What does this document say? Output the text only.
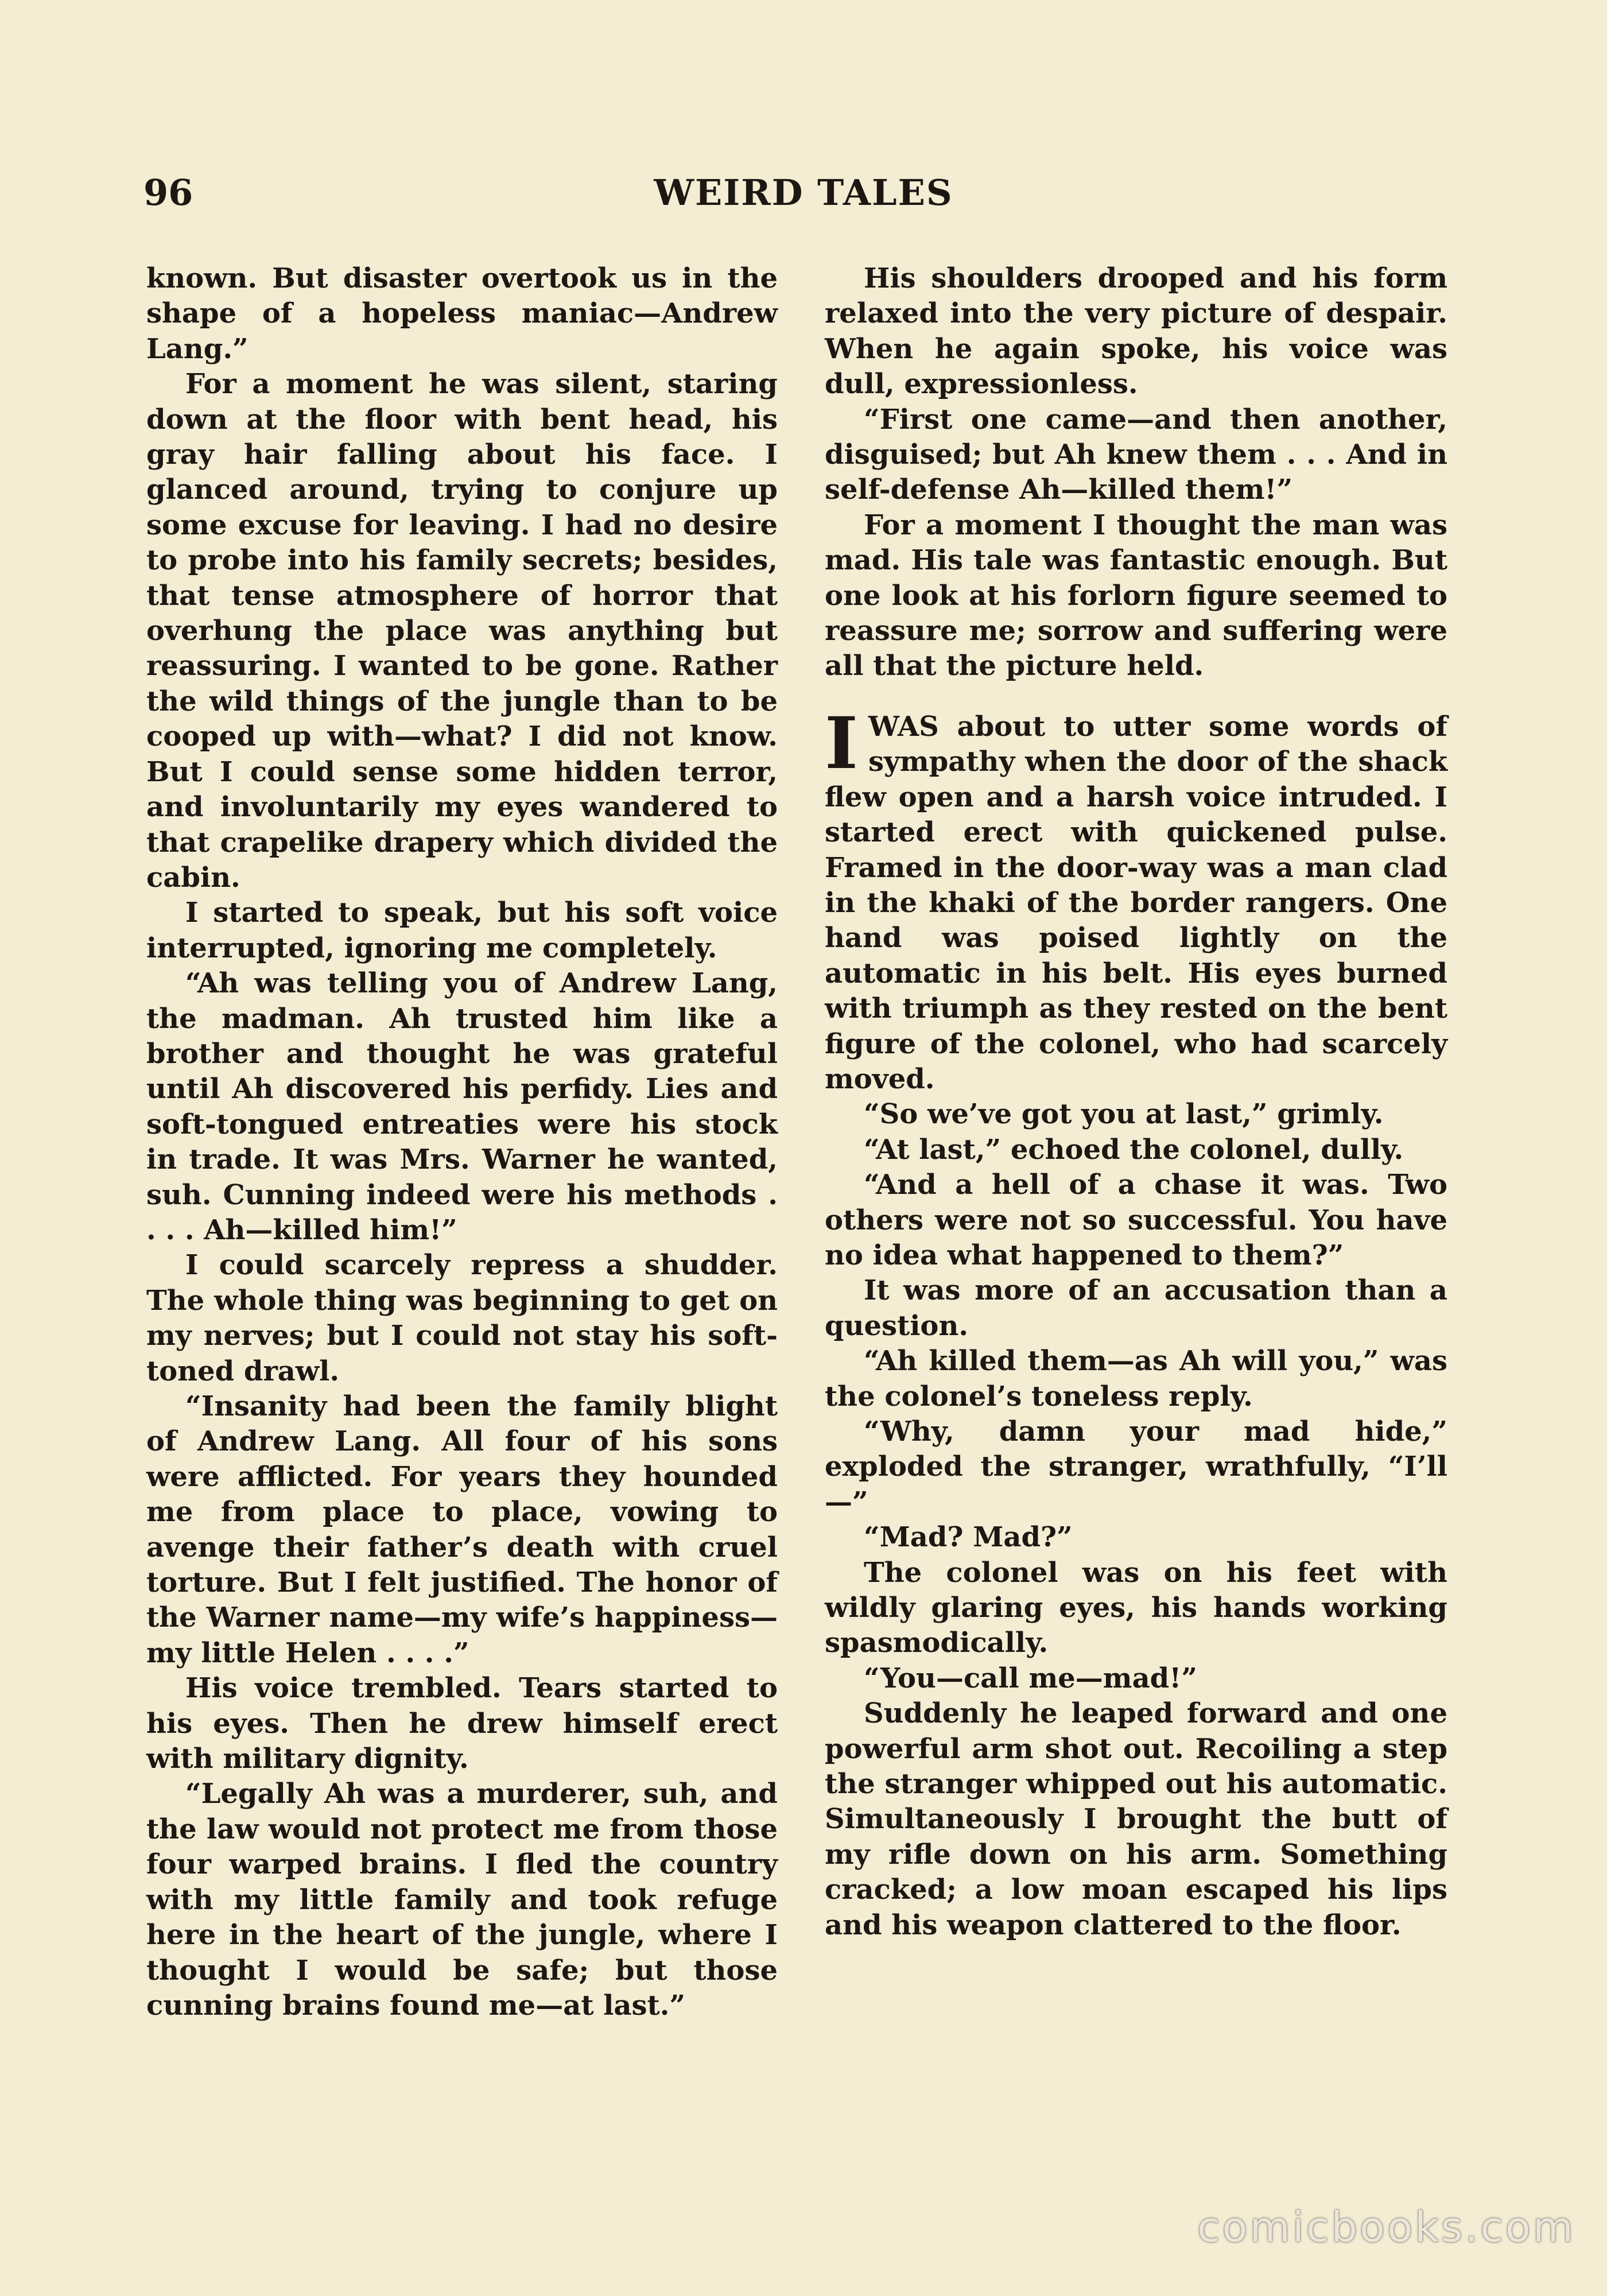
96	WEIRD TALES

known. But disaster overtook us in the shape of a hopeless maniac—Andrew Lang.”

For a moment he was silent, staring down at the floor with bent head, his gray hair falling about his face. I glanced around, trying to conjure up some excuse for leaving. I had no desire to probe into his family secrets; besides, that tense atmosphere of horror that overhung the place was anything but reassuring. I wanted to be gone. Rather the wild things of the jungle than to be cooped up with—what? I did not know. But I could sense some hidden terror, and involuntarily my eyes wandered to that crapelike drapery which divided the cabin.

I started to speak, but his soft voice interrupted, ignoring me completely.

“Ah was telling you of Andrew Lang, the madman. Ah trusted him like a brother and thought he was grateful until Ah discovered his perfidy. Lies and soft-tongued entreaties were his stock in trade. It was Mrs. Warner he wanted, suh. Cunning indeed were his methods . . . . Ah—killed him!”

I could scarcely repress a shudder. The whole thing was beginning to get on my nerves; but I could not stay his soft-toned drawl.

“Insanity had been the family blight of Andrew Lang. All four of his sons were afflicted. For years they hounded me from place to place, vowing to avenge their father’s death with cruel torture. But I felt justified. The honor of the Warner name—my wife’s happiness—my little Helen . . . .”

His voice trembled. Tears started to his eyes. Then he drew himself erect with military dignity.

“Legally Ah was a murderer, suh, and the law would not protect me from those four warped brains. I fled the country with my little family and took refuge here in the heart of the jungle, where I thought I would be safe; but those cunning brains found me—at last.”

His shoulders drooped and his form relaxed into the very picture of despair. When he again spoke, his voice was dull, expressionless.

“First one came—and then another, disguised; but Ah knew them . . . And in self-defense Ah—killed them!”

For a moment I thought the man was mad. His tale was fantastic enough. But one look at his forlorn figure seemed to reassure me; sorrow and suffering were all that the picture held.

IWAS about to utter some words of sympathy when the door of the shack flew open and a harsh voice intruded. I started erect with quickened pulse. Framed in the door-way was a man clad in the khaki of the border rangers. One hand was poised lightly on the automatic in his belt. His eyes burned with triumph as they rested on the bent figure of the colonel, who had scarcely moved.

“So we’ve got you at last,” grimly.

“At last,” echoed the colonel, dully.

“And a hell of a chase it was. Two others were not so successful. You have no idea what happened to them?”

It was more of an accusation than a question.

“Ah killed them—as Ah will you,” was the colonel’s toneless reply.

“Why, damn your mad hide,” exploded the stranger, wrathfully, “I’ll—”

“Mad? Mad?”

The colonel was on his feet with wildly glaring eyes, his hands working spasmodically.

“You—call me—mad!”

Suddenly he leaped forward and one powerful arm shot out. Recoiling a step the stranger whipped out his automatic. Simultaneously I brought the butt of my rifle down on his arm. Something cracked; a low moan escaped his lips and his weapon clattered to the floor.

comicbooks.com
